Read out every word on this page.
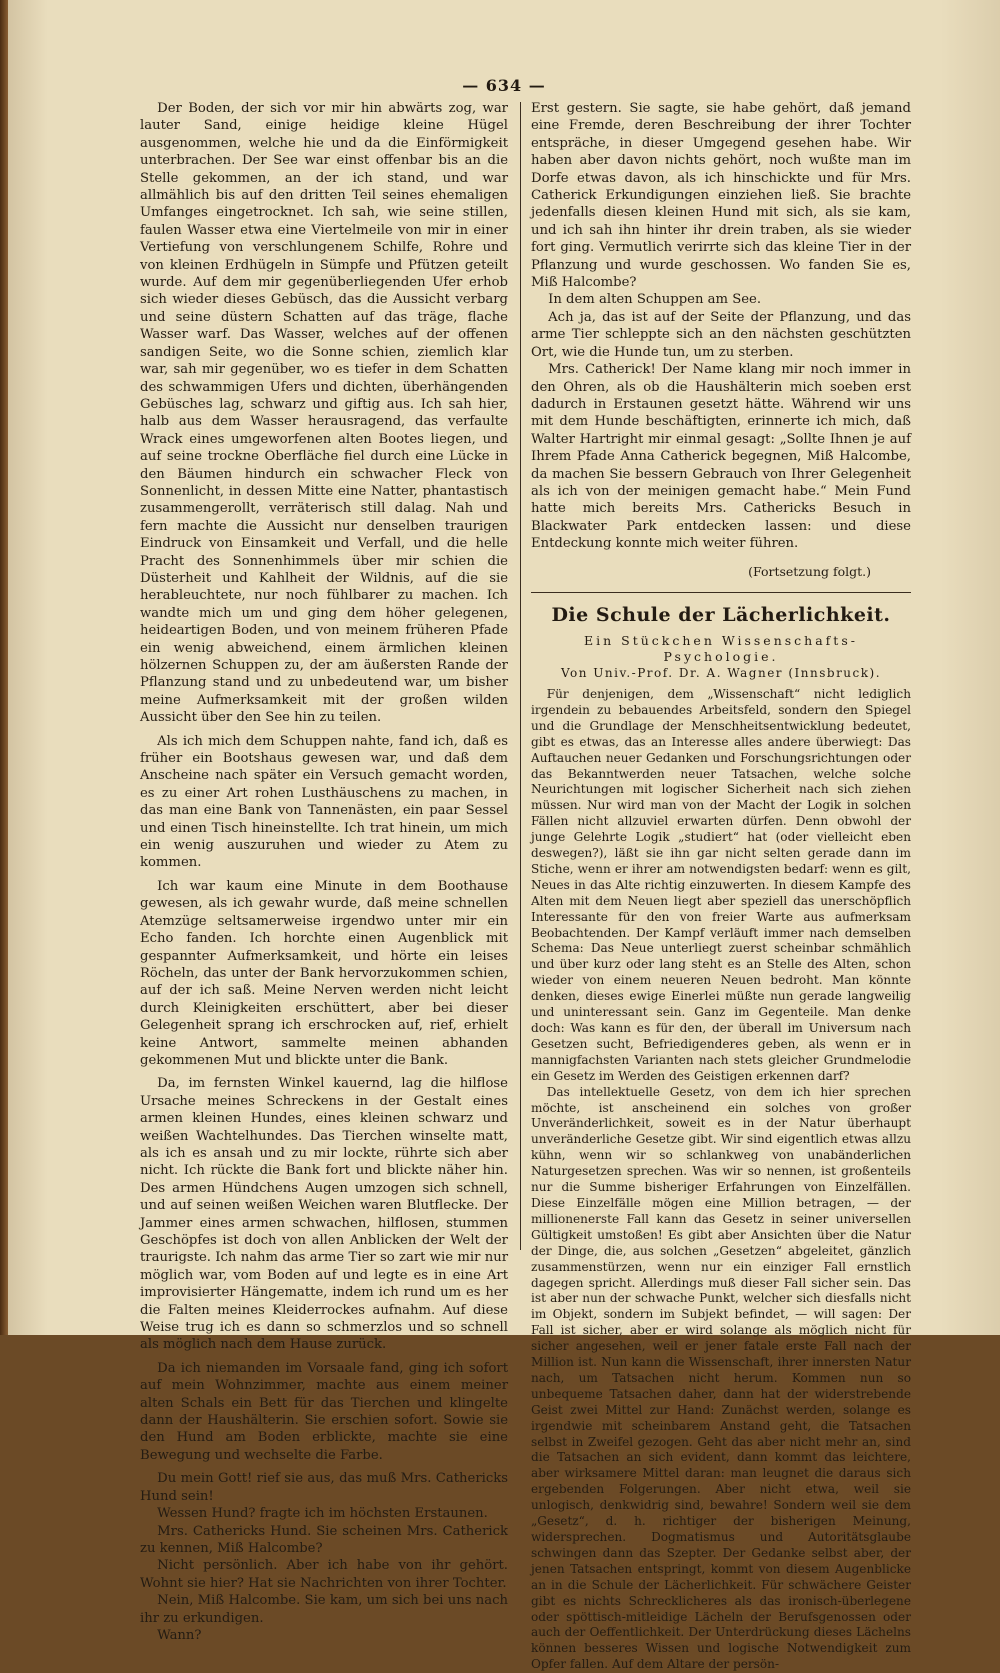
— 634 —

Der Boden, der sich vor mir hin abwärts zog, war lauter Sand, einige heidige kleine Hügel ausgenommen, welche hie und da die Einförmigkeit unterbrachen. Der See war einst offenbar bis an die Stelle gekommen, an der ich stand, und war allmählich bis auf den dritten Teil seines ehemaligen Umfanges eingetrocknet. Ich sah, wie seine stillen, faulen Wasser etwa eine Viertelmeile von mir in einer Vertiefung von verschlungenem Schilfe, Rohre und von kleinen Erdhügeln in Sümpfe und Pfützen geteilt wurde. Auf dem mir gegenüberliegenden Ufer erhob sich wieder dieses Gebüsch, das die Aussicht verbarg und seine düstern Schatten auf das träge, flache Wasser warf. Das Wasser, welches auf der offenen sandigen Seite, wo die Sonne schien, ziemlich klar war, sah mir gegenüber, wo es tiefer in dem Schatten des schwammigen Ufers und dichten, überhängenden Gebüsches lag, schwarz und giftig aus. Ich sah hier, halb aus dem Wasser herausragend, das verfaulte Wrack eines umgeworfenen alten Bootes liegen, und auf seine trockne Oberfläche fiel durch eine Lücke in den Bäumen hindurch ein schwacher Fleck von Sonnenlicht, in dessen Mitte eine Natter, phantastisch zusammengerollt, verräterisch still dalag. Nah und fern machte die Aussicht nur denselben traurigen Eindruck von Einsamkeit und Verfall, und die helle Pracht des Sonnenhimmels über mir schien die Düsterheit und Kahlheit der Wildnis, auf die sie herableuchtete, nur noch fühlbarer zu machen. Ich wandte mich um und ging dem höher gelegenen, heideartigen Boden, und von meinem früheren Pfade ein wenig abweichend, einem ärmlichen kleinen hölzernen Schuppen zu, der am äußersten Rande der Pflanzung stand und zu unbedeutend war, um bisher meine Aufmerksamkeit mit der großen wilden Aussicht über den See hin zu teilen.

Als ich mich dem Schuppen nahte, fand ich, daß es früher ein Bootshaus gewesen war, und daß dem Anscheine nach später ein Versuch gemacht worden, es zu einer Art rohen Lusthäuschens zu machen, in das man eine Bank von Tannenästen, ein paar Sessel und einen Tisch hineinstellte. Ich trat hinein, um mich ein wenig auszuruhen und wieder zu Atem zu kommen.

Ich war kaum eine Minute in dem Boothause gewesen, als ich gewahr wurde, daß meine schnellen Atemzüge seltsamerweise irgendwo unter mir ein Echo fanden. Ich horchte einen Augenblick mit gespannter Aufmerksamkeit, und hörte ein leises Röcheln, das unter der Bank hervorzukommen schien, auf der ich saß. Meine Nerven werden nicht leicht durch Kleinigkeiten erschüttert, aber bei dieser Gelegenheit sprang ich erschrocken auf, rief, erhielt keine Antwort, sammelte meinen abhanden gekommenen Mut und blickte unter die Bank.

Da, im fernsten Winkel kauernd, lag die hilflose Ursache meines Schreckens in der Gestalt eines armen kleinen Hundes, eines kleinen schwarz und weißen Wachtelhundes. Das Tierchen winselte matt, als ich es ansah und zu mir lockte, rührte sich aber nicht. Ich rückte die Bank fort und blickte näher hin. Des armen Hündchens Augen umzogen sich schnell, und auf seinen weißen Weichen waren Blutflecke. Der Jammer eines armen schwachen, hilflosen, stummen Geschöpfes ist doch von allen Anblicken der Welt der traurigste. Ich nahm das arme Tier so zart wie mir nur möglich war, vom Boden auf und legte es in eine Art improvisierter Hängematte, indem ich rund um es her die Falten meines Kleiderrockes aufnahm. Auf diese Weise trug ich es dann so schmerzlos und so schnell als möglich nach dem Hause zurück.

Da ich niemanden im Vorsaale fand, ging ich sofort auf mein Wohnzimmer, machte aus einem meiner alten Schals ein Bett für das Tierchen und klingelte dann der Haushälterin. Sie erschien sofort. Sowie sie den Hund am Boden erblickte, machte sie eine Bewegung und wechselte die Farbe.

Du mein Gott! rief sie aus, das muß Mrs. Cathericks Hund sein!

Wessen Hund? fragte ich im höchsten Erstaunen.

Mrs. Cathericks Hund. Sie scheinen Mrs. Catherick zu kennen, Miß Halcombe?

Nicht persönlich. Aber ich habe von ihr gehört. Wohnt sie hier? Hat sie Nachrichten von ihrer Tochter.

Nein, Miß Halcombe. Sie kam, um sich bei uns nach ihr zu erkundigen.

Wann?

Erst gestern. Sie sagte, sie habe gehört, daß jemand eine Fremde, deren Beschreibung der ihrer Tochter entspräche, in dieser Umgegend gesehen habe. Wir haben aber davon nichts gehört, noch wußte man im Dorfe etwas davon, als ich hinschickte und für Mrs. Catherick Erkundigungen einziehen ließ. Sie brachte jedenfalls diesen kleinen Hund mit sich, als sie kam, und ich sah ihn hinter ihr drein traben, als sie wieder fort ging. Vermutlich verirrte sich das kleine Tier in der Pflanzung und wurde geschossen. Wo fanden Sie es, Miß Halcombe?

In dem alten Schuppen am See.

Ach ja, das ist auf der Seite der Pflanzung, und das arme Tier schleppte sich an den nächsten geschützten Ort, wie die Hunde tun, um zu sterben.

Mrs. Catherick! Der Name klang mir noch immer in den Ohren, als ob die Haushälterin mich soeben erst dadurch in Erstaunen gesetzt hätte. Während wir uns mit dem Hunde beschäftigten, erinnerte ich mich, daß Walter Hartright mir einmal gesagt: „Sollte Ihnen je auf Ihrem Pfade Anna Catherick begegnen, Miß Halcombe, da machen Sie bessern Gebrauch von Ihrer Gelegenheit als ich von der meinigen gemacht habe.“ Mein Fund hatte mich bereits Mrs. Cathericks Besuch in Blackwater Park entdecken lassen: und diese Entdeckung konnte mich weiter führen.

(Fortsetzung folgt.)
Die Schule der Lächerlichkeit.
Ein Stückchen Wissenschafts-Psychologie.
Von Univ.-Prof. Dr. A. Wagner (Innsbruck).

Für denjenigen, dem „Wissenschaft“ nicht lediglich irgendein zu bebauendes Arbeitsfeld, sondern den Spiegel und die Grundlage der Menschheitsentwicklung bedeutet, gibt es etwas, das an Interesse alles andere überwiegt: Das Auftauchen neuer Gedanken und Forschungsrichtungen oder das Bekanntwerden neuer Tatsachen, welche solche Neurichtungen mit logischer Sicherheit nach sich ziehen müssen. Nur wird man von der Macht der Logik in solchen Fällen nicht allzuviel erwarten dürfen. Denn obwohl der junge Gelehrte Logik „studiert“ hat (oder vielleicht eben deswegen?), läßt sie ihn gar nicht selten gerade dann im Stiche, wenn er ihrer am notwendigsten bedarf: wenn es gilt, Neues in das Alte richtig einzuwerten. In diesem Kampfe des Alten mit dem Neuen liegt aber speziell das unerschöpflich Interessante für den von freier Warte aus aufmerksam Beobachtenden. Der Kampf verläuft immer nach demselben Schema: Das Neue unterliegt zuerst scheinbar schmählich und über kurz oder lang steht es an Stelle des Alten, schon wieder von einem neueren Neuen bedroht. Man könnte denken, dieses ewige Einerlei müßte nun gerade langweilig und uninteressant sein. Ganz im Gegenteile. Man denke doch: Was kann es für den, der überall im Universum nach Gesetzen sucht, Befriedigenderes geben, als wenn er in mannigfachsten Varianten nach stets gleicher Grundmelodie ein Gesetz im Werden des Geistigen erkennen darf?

Das intellektuelle Gesetz, von dem ich hier sprechen möchte, ist anscheinend ein solches von großer Unveränderlichkeit, soweit es in der Natur überhaupt unveränderliche Gesetze gibt. Wir sind eigentlich etwas allzu kühn, wenn wir so schlankweg von unabänderlichen Naturgesetzen sprechen. Was wir so nennen, ist großenteils nur die Summe bisheriger Erfahrungen von Einzelfällen. Diese Einzelfälle mögen eine Million betragen, — der millionenerste Fall kann das Gesetz in seiner universellen Gültigkeit umstoßen! Es gibt aber Ansichten über die Natur der Dinge, die, aus solchen „Gesetzen“ abgeleitet, gänzlich zusammenstürzen, wenn nur ein einziger Fall ernstlich dagegen spricht. Allerdings muß dieser Fall sicher sein. Das ist aber nun der schwache Punkt, welcher sich diesfalls nicht im Objekt, sondern im Subjekt befindet, — will sagen: Der Fall ist sicher, aber er wird solange als möglich nicht für sicher angesehen, weil er jener fatale erste Fall nach der Million ist. Nun kann die Wissenschaft, ihrer innersten Natur nach, um Tatsachen nicht herum. Kommen nun so unbequeme Tatsachen daher, dann hat der widerstrebende Geist zwei Mittel zur Hand: Zunächst werden, solange es irgendwie mit scheinbarem Anstand geht, die Tatsachen selbst in Zweifel gezogen. Geht das aber nicht mehr an, sind die Tatsachen an sich evident, dann kommt das leichtere, aber wirksamere Mittel daran: man leugnet die daraus sich ergebenden Folgerungen. Aber nicht etwa, weil sie unlogisch, denkwidrig sind, bewahre! Sondern weil sie dem „Gesetz“, d. h. richtiger der bisherigen Meinung, widersprechen. Dogmatismus und Autoritätsglaube schwingen dann das Szepter. Der Gedanke selbst aber, der jenen Tatsachen entspringt, kommt von diesem Augenblicke an in die Schule der Lächerlichkeit. Für schwächere Geister gibt es nichts Schrecklicheres als das ironisch-überlegene oder spöttisch-mitleidige Lächeln der Berufsgenossen oder auch der Oeffentlichkeit. Der Unterdrückung dieses Lächelns können besseres Wissen und logische Notwendigkeit zum Opfer fallen. Auf dem Altare der persön-
